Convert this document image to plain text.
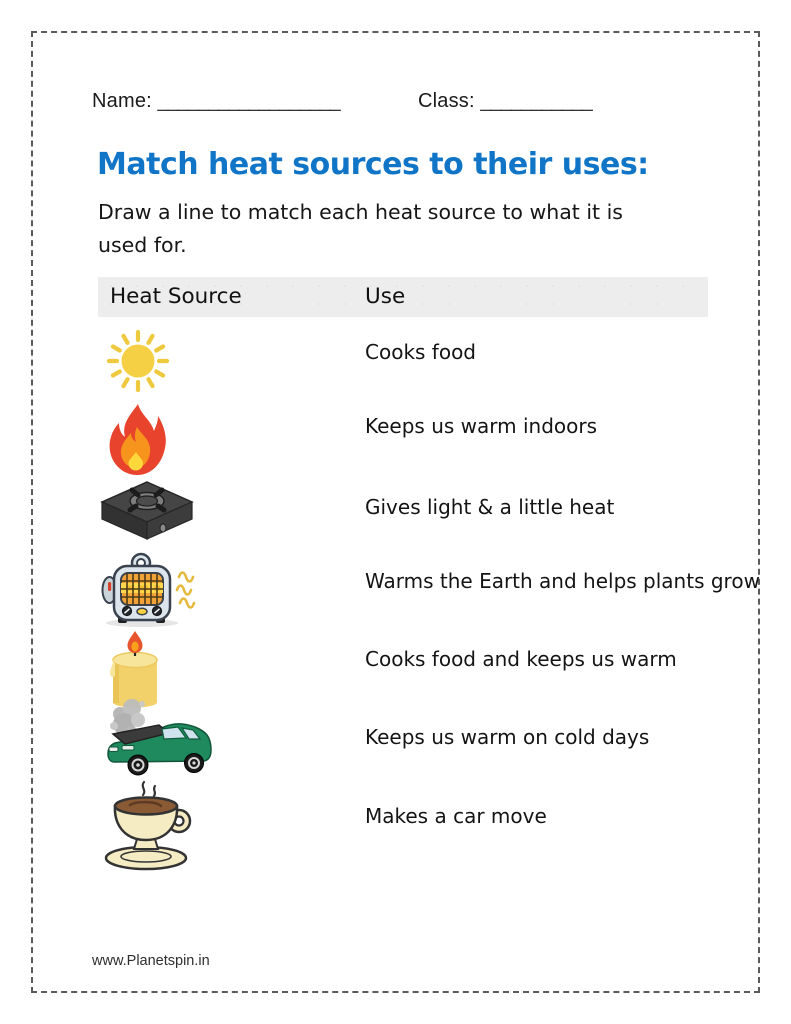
Name: __________________	Class: ___________
Match heat sources to their uses:
Draw a line to match each heat source to what it is
used for.
Heat Source	Use
Cooks food
Keeps us warm indoors
Gives light & a little heat
Warms the Earth and helps plants grow
Cooks food and keeps us warm
Keeps us warm on cold days
Makes a car move
www.Planetspin.in
